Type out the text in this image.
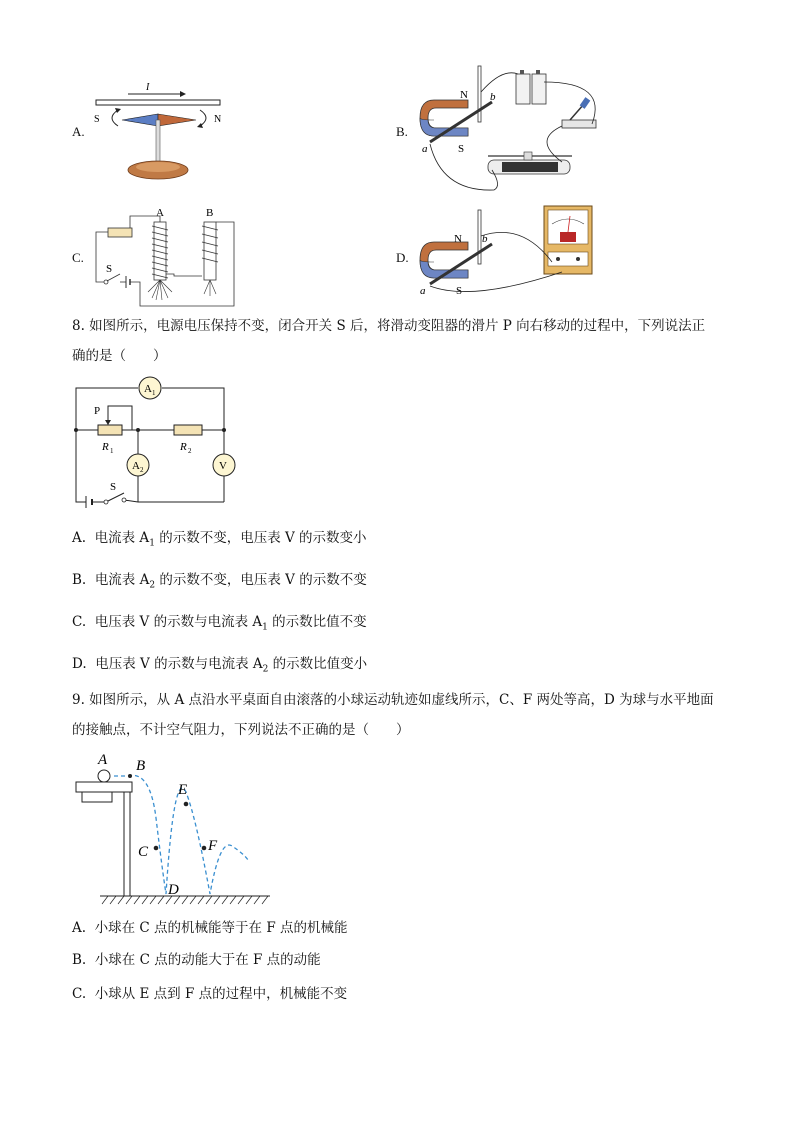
A.	B.
C.	D.
I
S	N
N
S
a
b
A	B
S
N
S
a
b
8. 如图所示，电源电压保持不变，闭合开关 S 后，将滑动变阻器的滑片 P 向右移动的过程中，下列说法正
确的是（　　）
A 1
P
R 1	R 2
A 2	V
S
A. 电流表 $A_1$ 的示数不变，电压表 V 的示数变小
B. 电流表 $A_2$ 的示数不变，电压表 V 的示数不变
C. 电压表 V 的示数与电流表 $A_1$ 的示数比值不变
D. 电压表 V 的示数与电流表 $A_2$ 的示数比值变小
9. 如图所示，从 A 点沿水平桌面自由滚落的小球运动轨迹如虚线所示，C、F 两处等高，D 为球与水平地面
的接触点，不计空气阻力，下列说法不正确的是（　　）
A B
C
D
E
F
A. 小球在 C 点的机械能等于在 F 点的机械能
B. 小球在 C 点的动能大于在 F 点的动能
C. 小球从 E 点到 F 点的过程中，机械能不变
